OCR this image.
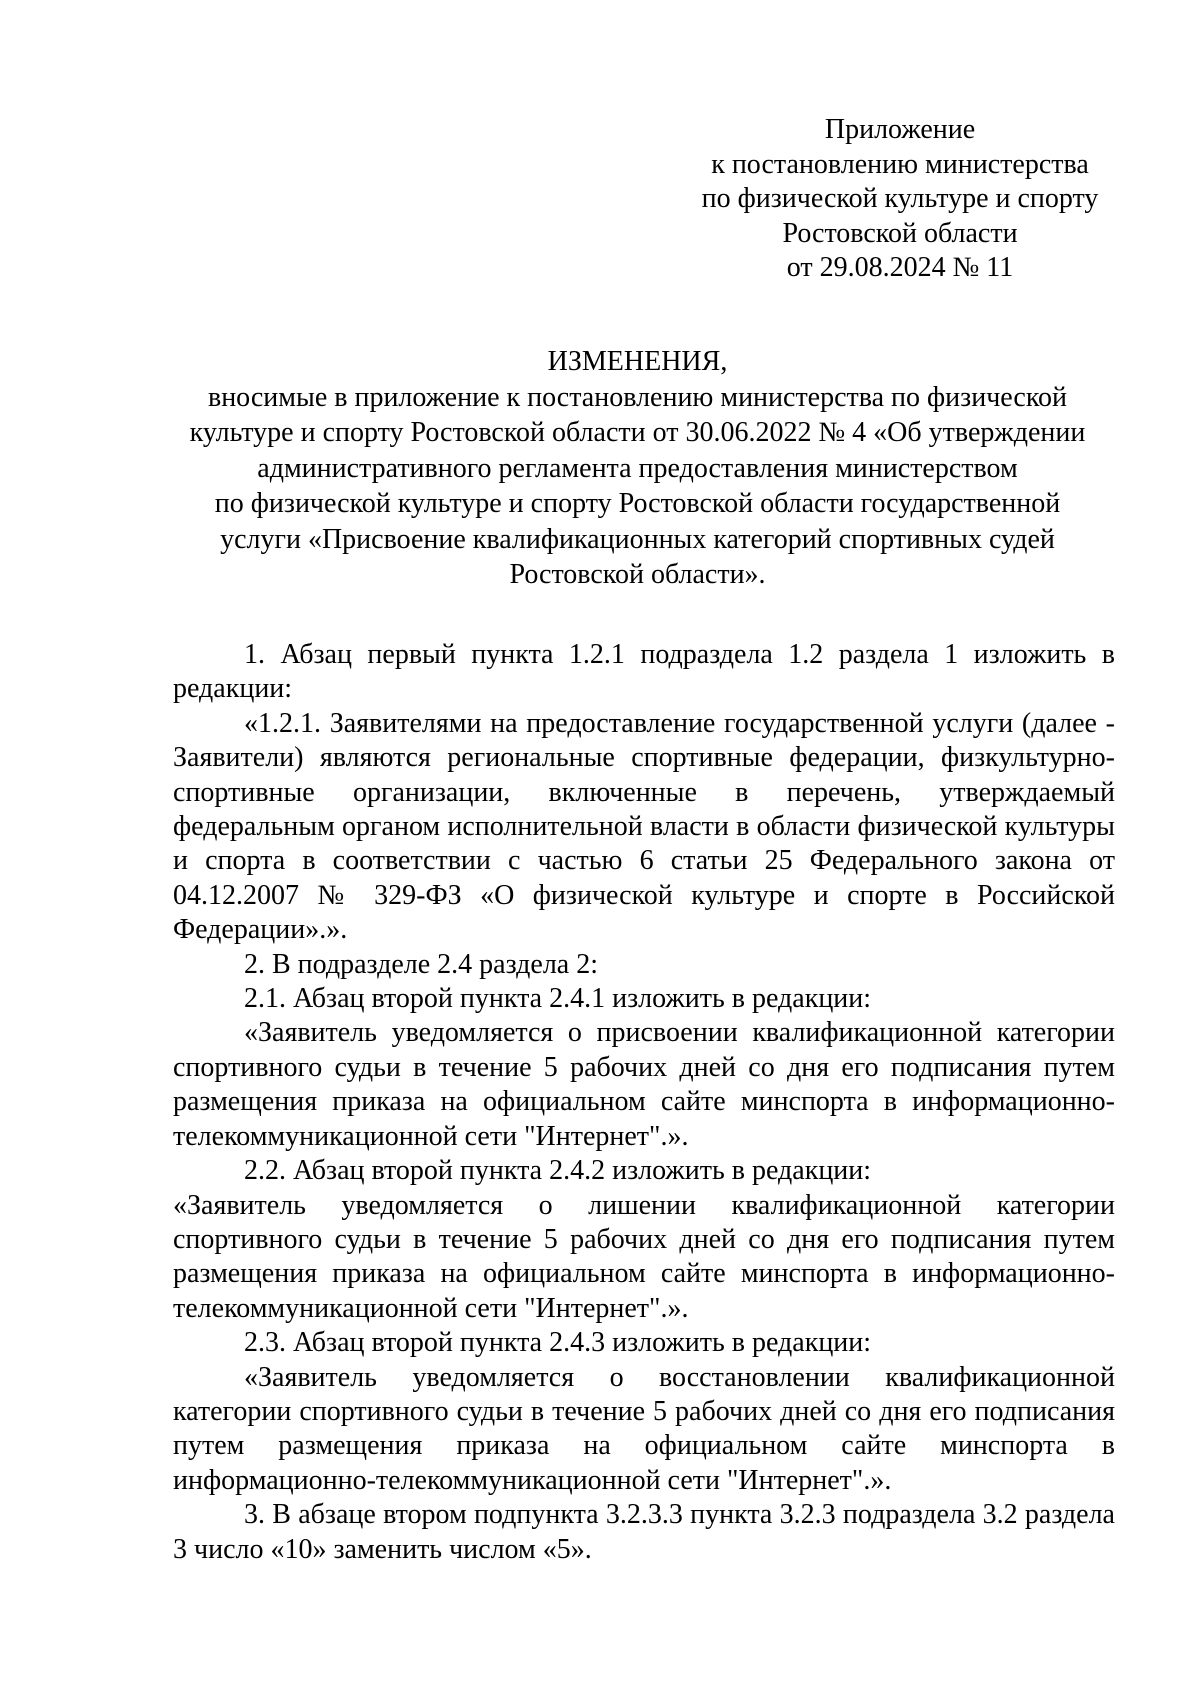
Приложение
к постановлению министерства
по физической культуре и спорту
Ростовской области
от 29.08.2024 № 11
ИЗМЕНЕНИЯ,
вносимые в приложение к постановлению министерства по физической
культуре и спорту Ростовской области от 30.06.2022 № 4 «Об утверждении
административного регламента предоставления министерством
по физической культуре и спорту Ростовской области государственной
услуги «Присвоение квалификационных категорий спортивных судей
Ростовской области».

1. Абзац первый пункта 1.2.1 подраздела 1.2 раздела 1 изложить в редакции:

«1.2.1. Заявителями на предоставление государственной услуги (далее - Заявители) являются региональные спортивные федерации, физкультурно-спортивные организации, включенные в перечень, утверждаемый федеральным органом исполнительной власти в области физической культуры и спорта в соответствии с частью 6 статьи 25 Федерального закона от 04.12.2007 № 329-ФЗ «О физической культуре и спорте в Российской Федерации».».

2. В подразделе 2.4 раздела 2:

2.1. Абзац второй пункта 2.4.1 изложить в редакции:

«Заявитель уведомляется о присвоении квалификационной категории спортивного судьи в течение 5 рабочих дней со дня его подписания путем размещения приказа на официальном сайте минспорта в информационно-телекоммуникационной сети "Интернет".».

2.2. Абзац второй пункта 2.4.2 изложить в редакции:

«Заявитель уведомляется о лишении квалификационной категории спортивного судьи в течение 5 рабочих дней со дня его подписания путем размещения приказа на официальном сайте минспорта в информационно-телекоммуникационной сети "Интернет".».

2.3. Абзац второй пункта 2.4.3 изложить в редакции:

«Заявитель уведомляется о восстановлении квалификационной категории спортивного судьи в течение 5 рабочих дней со дня его подписания путем размещения приказа на официальном сайте минспорта в информационно-телекоммуникационной сети "Интернет".».

3. В абзаце втором подпункта 3.2.3.3 пункта 3.2.3 подраздела 3.2 раздела 3 число «10» заменить числом «5».
